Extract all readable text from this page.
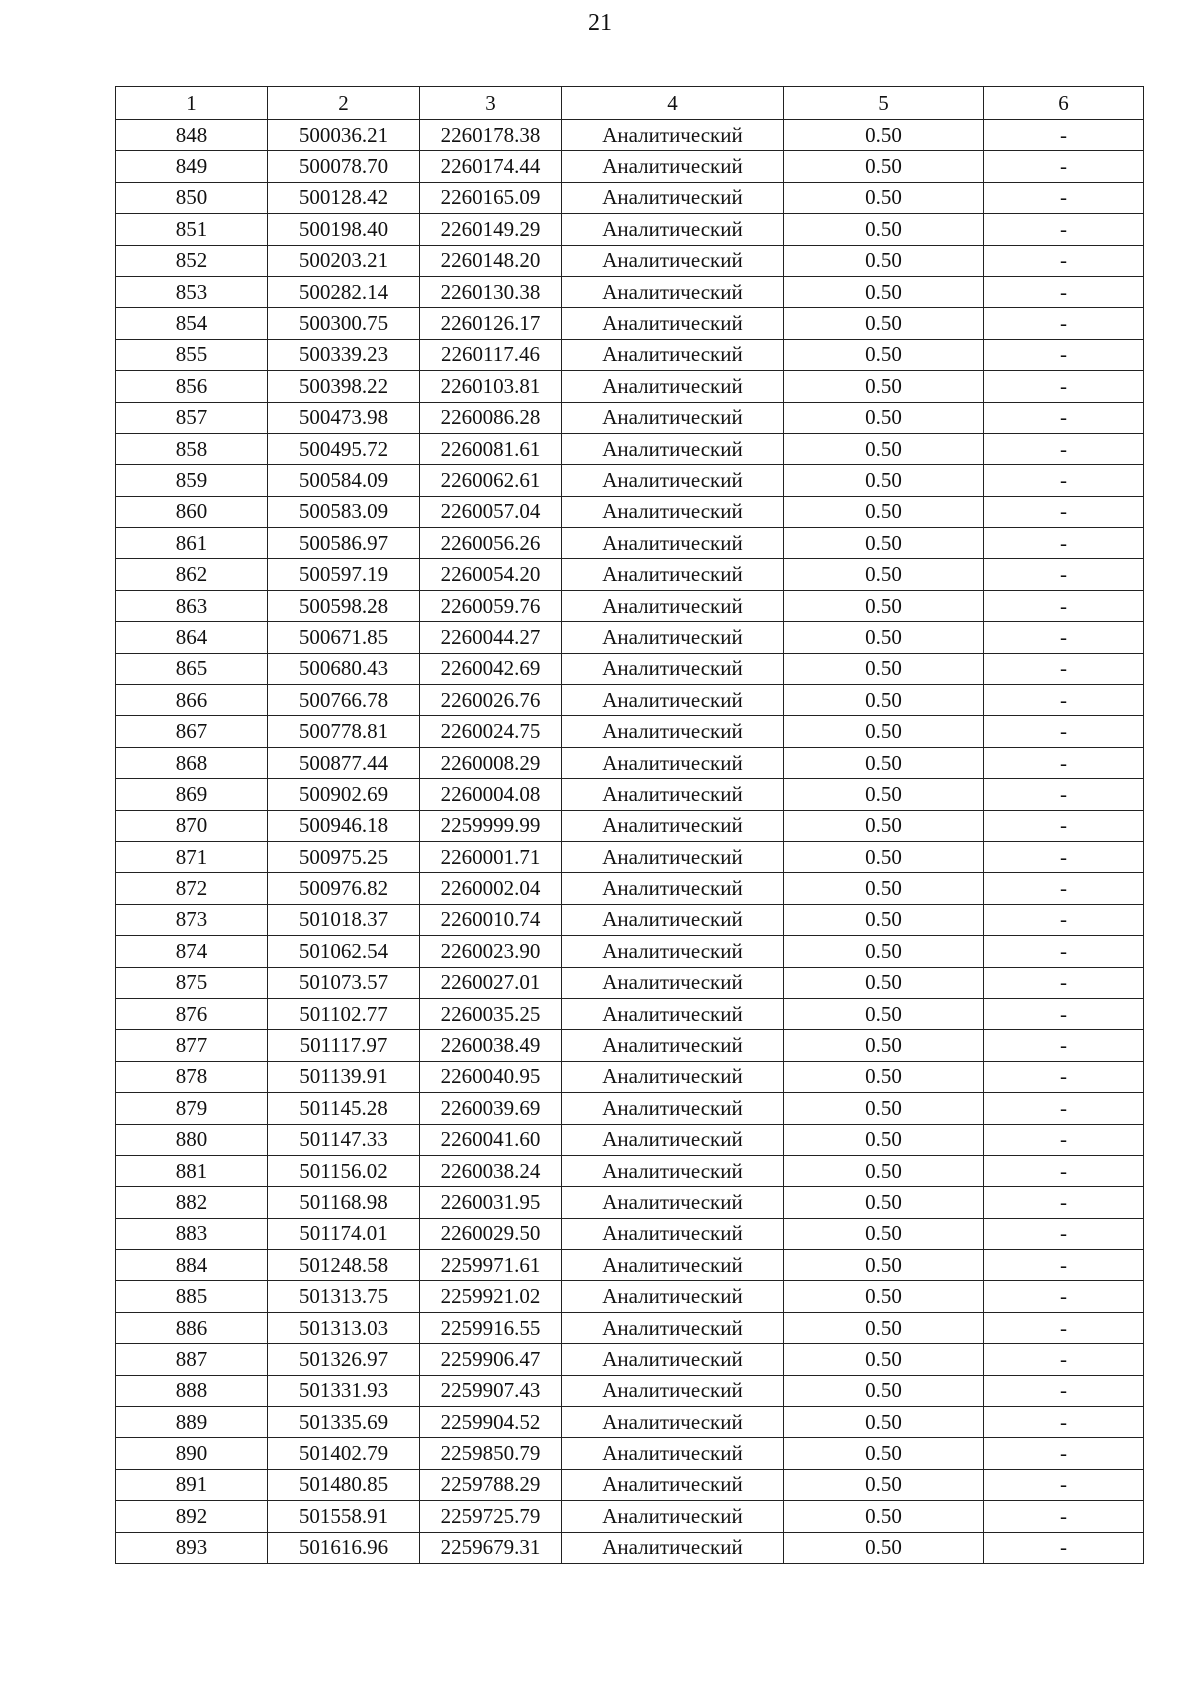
21
1	2	3	4	5	6
848	500036.21	2260178.38	Аналитический	0.50	-
849	500078.70	2260174.44	Аналитический	0.50	-
850	500128.42	2260165.09	Аналитический	0.50	-
851	500198.40	2260149.29	Аналитический	0.50	-
852	500203.21	2260148.20	Аналитический	0.50	-
853	500282.14	2260130.38	Аналитический	0.50	-
854	500300.75	2260126.17	Аналитический	0.50	-
855	500339.23	2260117.46	Аналитический	0.50	-
856	500398.22	2260103.81	Аналитический	0.50	-
857	500473.98	2260086.28	Аналитический	0.50	-
858	500495.72	2260081.61	Аналитический	0.50	-
859	500584.09	2260062.61	Аналитический	0.50	-
860	500583.09	2260057.04	Аналитический	0.50	-
861	500586.97	2260056.26	Аналитический	0.50	-
862	500597.19	2260054.20	Аналитический	0.50	-
863	500598.28	2260059.76	Аналитический	0.50	-
864	500671.85	2260044.27	Аналитический	0.50	-
865	500680.43	2260042.69	Аналитический	0.50	-
866	500766.78	2260026.76	Аналитический	0.50	-
867	500778.81	2260024.75	Аналитический	0.50	-
868	500877.44	2260008.29	Аналитический	0.50	-
869	500902.69	2260004.08	Аналитический	0.50	-
870	500946.18	2259999.99	Аналитический	0.50	-
871	500975.25	2260001.71	Аналитический	0.50	-
872	500976.82	2260002.04	Аналитический	0.50	-
873	501018.37	2260010.74	Аналитический	0.50	-
874	501062.54	2260023.90	Аналитический	0.50	-
875	501073.57	2260027.01	Аналитический	0.50	-
876	501102.77	2260035.25	Аналитический	0.50	-
877	501117.97	2260038.49	Аналитический	0.50	-
878	501139.91	2260040.95	Аналитический	0.50	-
879	501145.28	2260039.69	Аналитический	0.50	-
880	501147.33	2260041.60	Аналитический	0.50	-
881	501156.02	2260038.24	Аналитический	0.50	-
882	501168.98	2260031.95	Аналитический	0.50	-
883	501174.01	2260029.50	Аналитический	0.50	-
884	501248.58	2259971.61	Аналитический	0.50	-
885	501313.75	2259921.02	Аналитический	0.50	-
886	501313.03	2259916.55	Аналитический	0.50	-
887	501326.97	2259906.47	Аналитический	0.50	-
888	501331.93	2259907.43	Аналитический	0.50	-
889	501335.69	2259904.52	Аналитический	0.50	-
890	501402.79	2259850.79	Аналитический	0.50	-
891	501480.85	2259788.29	Аналитический	0.50	-
892	501558.91	2259725.79	Аналитический	0.50	-
893	501616.96	2259679.31	Аналитический	0.50	-
